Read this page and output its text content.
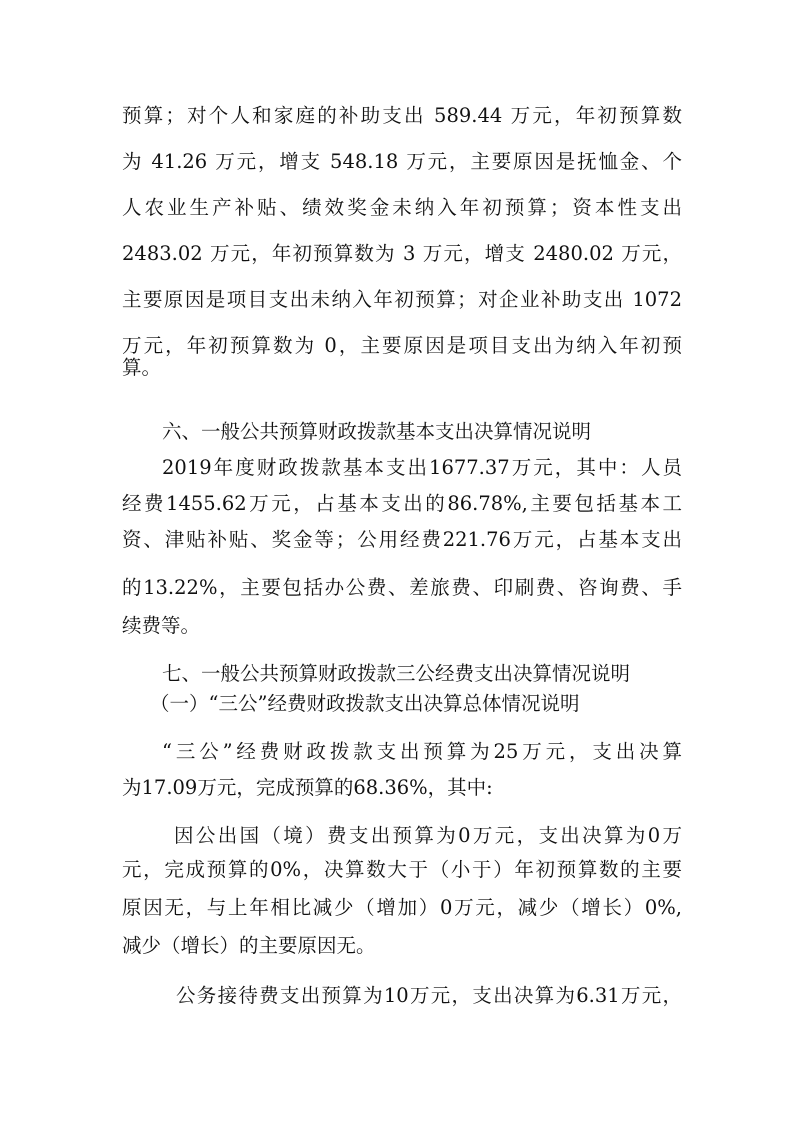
预算；对个人和家庭的补助支出 589.44 万元，年初预算数
为 41.26 万元，增支 548.18 万元，主要原因是抚恤金、个
人农业生产补贴、绩效奖金未纳入年初预算；资本性支出
2483.02 万元，年初预算数为 3 万元，增支 2480.02 万元，
主要原因是项目支出未纳入年初预算；对企业补助支出 1072
万元，年初预算数为 0，主要原因是项目支出为纳入年初预
算。
六、一般公共预算财政拨款基本支出决算情况说明
2019年度财政拨款基本支出1677.37万元，其中：人员
经费1455.62万元，占基本支出的86.78%,主要包括基本工
资、津贴补贴、奖金等；公用经费221.76万元，占基本支出
的13.22%，主要包括办公费、差旅费、印刷费、咨询费、手
续费等。
七、一般公共预算财政拨款三公经费支出决算情况说明
（一）“三公”经费财政拨款支出决算总体情况说明
“三公”经费财政拨款支出预算为25万元，支出决算
为17.09万元，完成预算的68.36%，其中:
因公出国（境）费支出预算为0万元，支出决算为0万
元，完成预算的0%，决算数大于（小于）年初预算数的主要
原因无，与上年相比减少（增加）0万元，减少（增长）0%,
减少（增长）的主要原因无。
公务接待费支出预算为10万元，支出决算为6.31万元，
